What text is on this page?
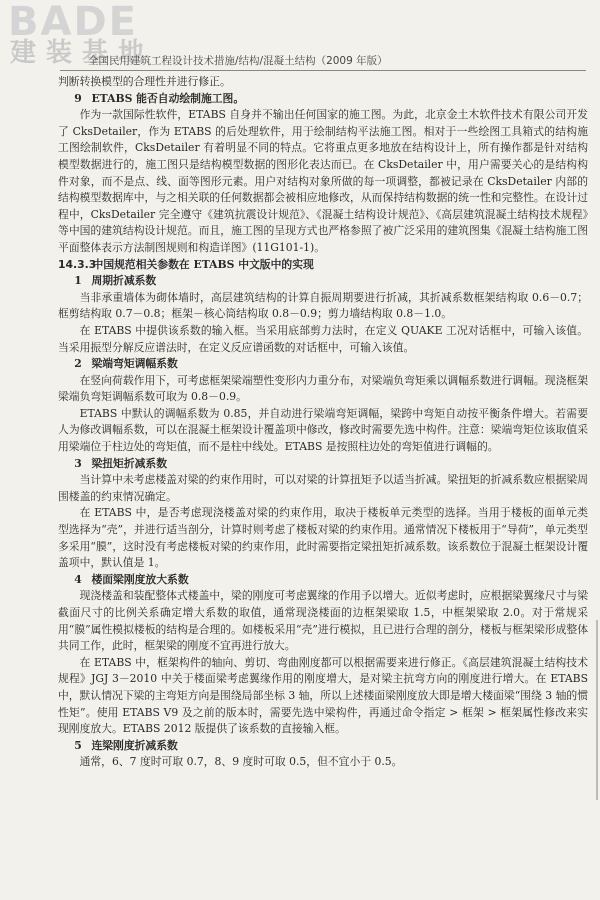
BADE
建装基地
全国民用建筑工程设计技术措施/结构/混凝土结构（2009 年版）

判断转换模型的合理性并进行修正。

9 ETABS 能否自动绘制施工图。

作为一款国际性软件，ETABS 自身并不输出任何国家的施工图。为此，北京金土木软件技术有限公司开发了 CksDetailer，作为 ETABS 的后处理软件，用于绘制结构平法施工图。相对于一些绘图工具箱式的结构施工图绘制软件，CksDetailer 有着明显不同的特点。它将重点更多地放在结构设计上，所有操作都是针对结构模型数据进行的，施工图只是结构模型数据的图形化表达而已。在 CksDetailer 中，用户需要关心的是结构构件对象，而不是点、线、面等图形元素。用户对结构对象所做的每一项调整，都被记录在 CksDetailer 内部的结构模型数据库中，与之相关联的任何数据都会被相应地修改，从而保持结构数据的统一性和完整性。在设计过程中，CksDetailer 完全遵守《建筑抗震设计规范》、《混凝土结构设计规范》、《高层建筑混凝土结构技术规程》等中国的建筑结构设计规范。而且，施工图的呈现方式也严格参照了被广泛采用的建筑图集《混凝土结构施工图平面整体表示方法制图规则和构造详图》(11G101-1)。

14.3.3中国规范相关参数在 ETABS 中文版中的实现

1 周期折减系数

当非承重墙体为砌体墙时，高层建筑结构的计算自振周期要进行折减，其折减系数框架结构取 0.6－0.7；框剪结构取 0.7－0.8；框架－核心筒结构取 0.8－0.9；剪力墙结构取 0.8－1.0。

在 ETABS 中提供该系数的输入框。当采用底部剪力法时，在定义 QUAKE 工况对话框中，可输入该值。当采用振型分解反应谱法时，在定义反应谱函数的对话框中，可输入该值。

2 梁端弯矩调幅系数

在竖向荷载作用下，可考虑框架梁端塑性变形内力重分布，对梁端负弯矩乘以调幅系数进行调幅。现浇框架梁端负弯矩调幅系数可取为 0.8－0.9。

ETABS 中默认的调幅系数为 0.85，并自动进行梁端弯矩调幅，梁跨中弯矩自动按平衡条件增大。若需要人为修改调幅系数，可以在混凝土框架设计覆盖项中修改，修改时需要先选中构件。注意：梁端弯矩位该取值采用梁端位于柱边处的弯矩值，而不是柱中线处。ETABS 是按照柱边处的弯矩值进行调幅的。

3 梁扭矩折减系数

当计算中未考虑楼盖对梁的约束作用时，可以对梁的计算扭矩予以适当折减。梁扭矩的折减系数应根据梁周围楼盖的约束情况确定。

在 ETABS 中，是否考虑现浇楼盖对梁的约束作用，取决于楼板单元类型的选择。当用于楼板的面单元类型选择为“壳”，并进行适当剖分，计算时则考虑了楼板对梁的约束作用。通常情况下楼板用于“导荷”，单元类型多采用“膜”，这时没有考虑楼板对梁的约束作用，此时需要指定梁扭矩折减系数。该系数位于混凝土框架设计覆盖项中，默认值是 1。

4 楼面梁刚度放大系数

现浇楼盖和装配整体式楼盖中，梁的刚度可考虑翼缘的作用予以增大。近似考虑时，应根据梁翼缘尺寸与梁截面尺寸的比例关系确定增大系数的取值，通常现浇楼面的边框架梁取 1.5，中框架梁取 2.0。对于常规采用“膜”属性模拟楼板的结构是合理的。如楼板采用“壳”进行模拟，且已进行合理的剖分，楼板与框架梁形成整体共同工作，此时，框架梁的刚度不宜再进行放大。

在 ETABS 中，框架构件的轴向、剪切、弯曲刚度都可以根据需要来进行修正。《高层建筑混凝土结构技术规程》JGJ 3－2010 中关于楼面梁考虑翼缘作用的刚度增大，是对梁主抗弯方向的刚度进行增大。在 ETABS 中，默认情况下梁的主弯矩方向是围绕局部坐标 3 轴，所以上述楼面梁刚度放大即是增大楼面梁“围绕 3 轴的惯性矩”。使用 ETABS V9 及之前的版本时，需要先选中梁构件，再通过命令指定 > 框架 > 框架属性修改来实现刚度放大。ETABS 2012 版提供了该系数的直接输入框。

5 连梁刚度折减系数

通常，6、7 度时可取 0.7，8、9 度时可取 0.5，但不宜小于 0.5。
